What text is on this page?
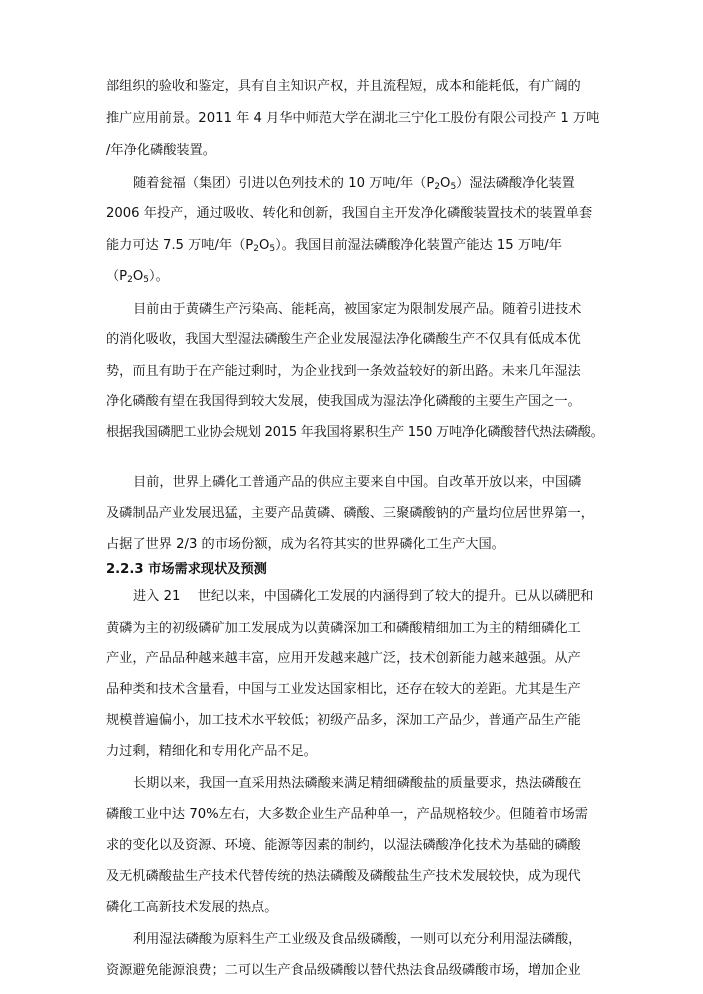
部组织的验收和鉴定，具有自主知识产权，并且流程短，成本和能耗低，有广阔的
推广应用前景。2011 年 4 月华中师范大学在湖北三宁化工股份有限公司投产 1 万吨
/年净化磷酸装置。
随着瓮福（集团）引进以色列技术的 10 万吨/年$(P_2O_5)$湿法磷酸净化装置
2006 年投产，通过吸收、转化和创新，我国自主开发净化磷酸装置技术的装置单套
能力可达 7.5 万吨/年$(P_2O_5)$。我国目前湿法磷酸净化装置产能达 15 万吨/年
$(P_2O_5)$。
目前由于黄磷生产污染高、能耗高，被国家定为限制发展产品。随着引进技术
的消化吸收，我国大型湿法磷酸生产企业发展湿法净化磷酸生产不仅具有低成本优
势，而且有助于在产能过剩时，为企业找到一条效益较好的新出路。未来几年湿法
净化磷酸有望在我国得到较大发展，使我国成为湿法净化磷酸的主要生产国之一。
根据我国磷肥工业协会规划 2015 年我国将累积生产 150 万吨净化磷酸替代热法磷酸。
目前，世界上磷化工普通产品的供应主要来自中国。自改革开放以来，中国磷
及磷制品产业发展迅猛，主要产品黄磷、磷酸、三聚磷酸钠的产量均位居世界第一，
占据了世界 2/3 的市场份额，成为名符其实的世界磷化工生产大国。
2.2.3 市场需求现状及预测
进入 21　 世纪以来，中国磷化工发展的内涵得到了较大的提升。已从以磷肥和
黄磷为主的初级磷矿加工发展成为以黄磷深加工和磷酸精细加工为主的精细磷化工
产业，产品品种越来越丰富，应用开发越来越广泛，技术创新能力越来越强。从产
品种类和技术含量看，中国与工业发达国家相比，还存在较大的差距。尤其是生产
规模普遍偏小，加工技术水平较低；初级产品多，深加工产品少，普通产品生产能
力过剩，精细化和专用化产品不足。
长期以来，我国一直采用热法磷酸来满足精细磷酸盐的质量要求，热法磷酸在
磷酸工业中达 70%左右，大多数企业生产品种单一，产品规格较少。但随着市场需
求的变化以及资源、环境、能源等因素的制约，以湿法磷酸净化技术为基础的磷酸
及无机磷酸盐生产技术代替传统的热法磷酸及磷酸盐生产技术发展较快，成为现代
磷化工高新技术发展的热点。
利用湿法磷酸为原料生产工业级及食品级磷酸，一则可以充分利用湿法磷酸，
资源避免能源浪费；二可以生产食品级磷酸以替代热法食品级磷酸市场，增加企业
